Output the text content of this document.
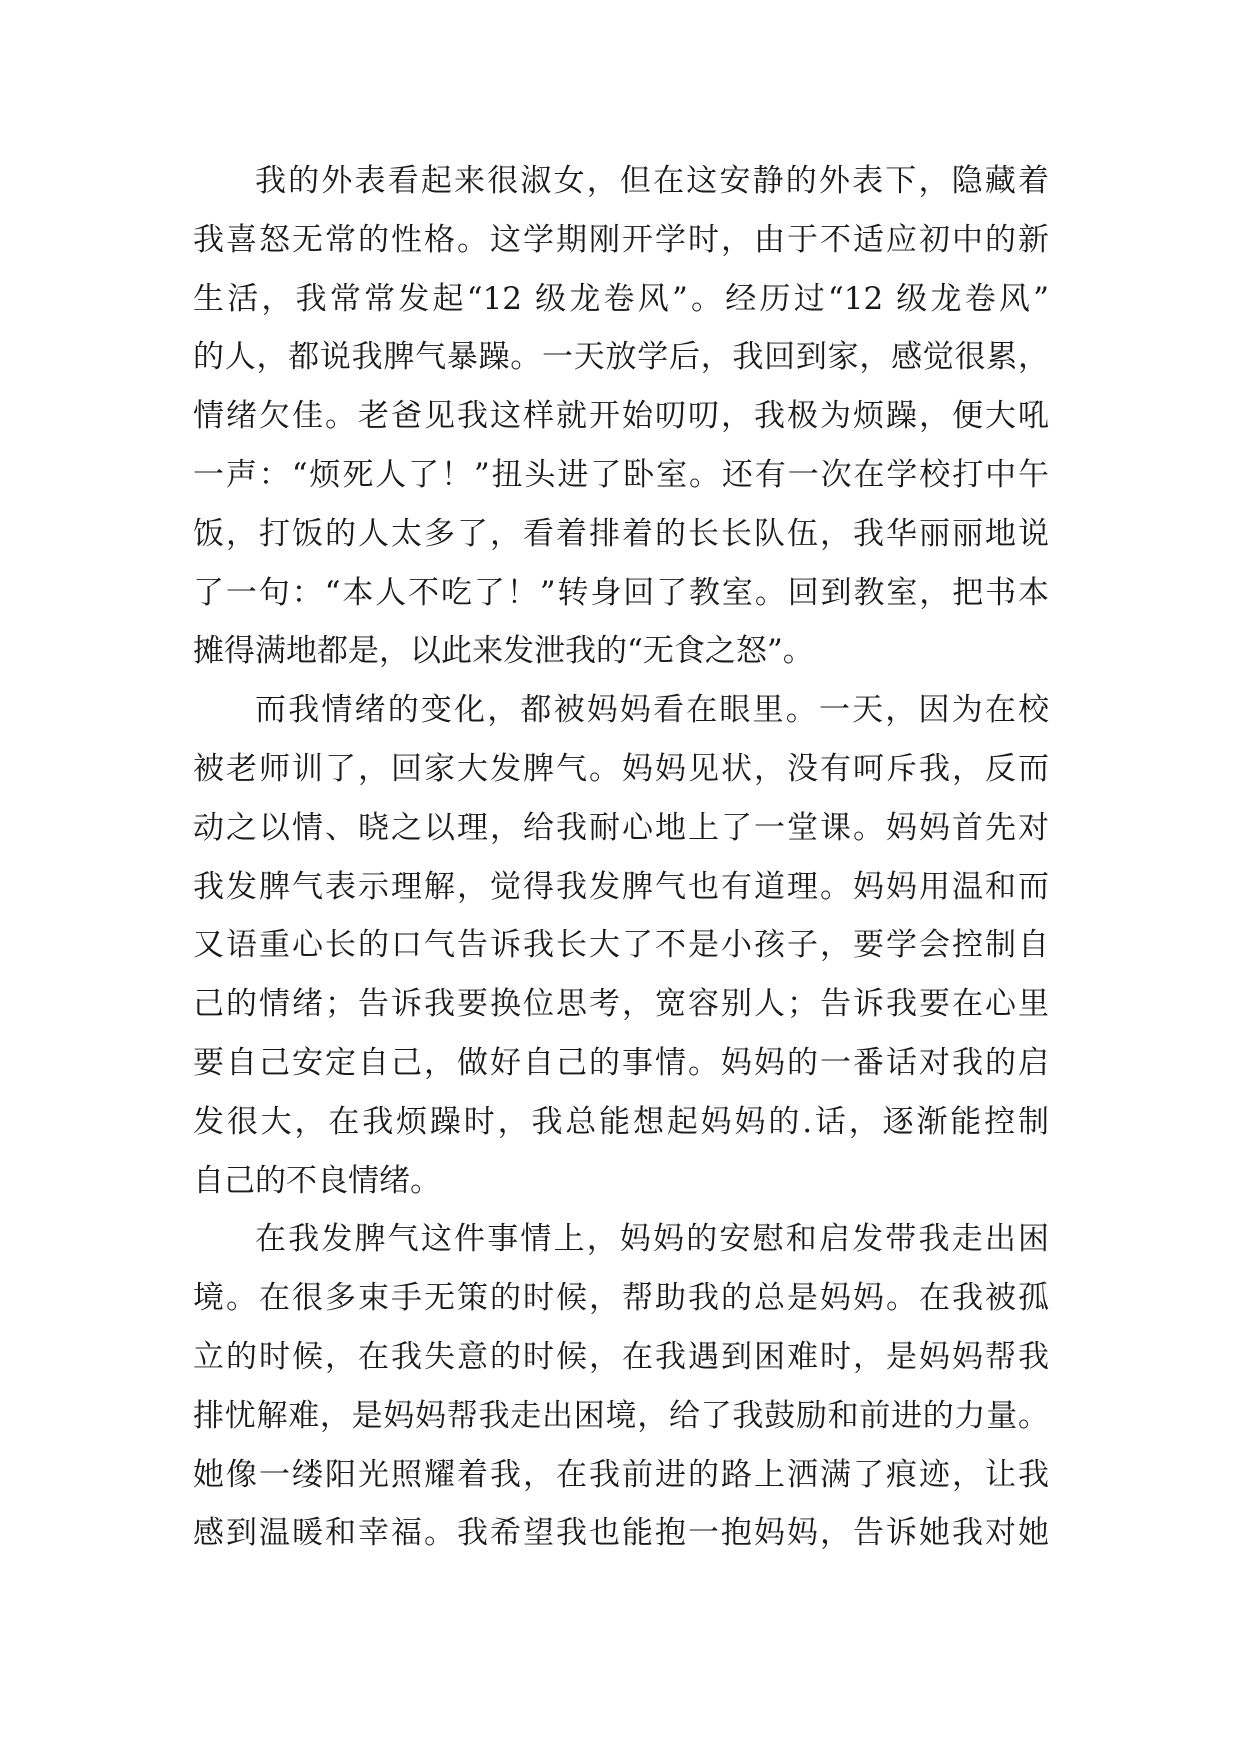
我的外表看起来很淑女，但在这安静的外表下，隐藏着
我喜怒无常的性格。这学期刚开学时，由于不适应初中的新
生活，我常常发起“12 级龙卷风”。经历过“12 级龙卷风”
的人，都说我脾气暴躁。一天放学后，我回到家，感觉很累，
情绪欠佳。老爸见我这样就开始叨叨，我极为烦躁，便大吼
一声：“烦死人了！”扭头进了卧室。还有一次在学校打中午
饭，打饭的人太多了，看着排着的长长队伍，我华丽丽地说
了一句：“本人不吃了！”转身回了教室。回到教室，把书本
摊得满地都是，以此来发泄我的“无食之怒”。
而我情绪的变化，都被妈妈看在眼里。一天，因为在校
被老师训了，回家大发脾气。妈妈见状，没有呵斥我，反而
动之以情、晓之以理，给我耐心地上了一堂课。妈妈首先对
我发脾气表示理解，觉得我发脾气也有道理。妈妈用温和而
又语重心长的口气告诉我长大了不是小孩子，要学会控制自
己的情绪；告诉我要换位思考，宽容别人；告诉我要在心里
要自己安定自己，做好自己的事情。妈妈的一番话对我的启
发很大，在我烦躁时，我总能想起妈妈的.话，逐渐能控制
自己的不良情绪。
在我发脾气这件事情上，妈妈的安慰和启发带我走出困
境。在很多束手无策的时候，帮助我的总是妈妈。在我被孤
立的时候，在我失意的时候，在我遇到困难时，是妈妈帮我
排忧解难，是妈妈帮我走出困境，给了我鼓励和前进的力量。
她像一缕阳光照耀着我，在我前进的路上洒满了痕迹，让我
感到温暖和幸福。我希望我也能抱一抱妈妈，告诉她我对她
